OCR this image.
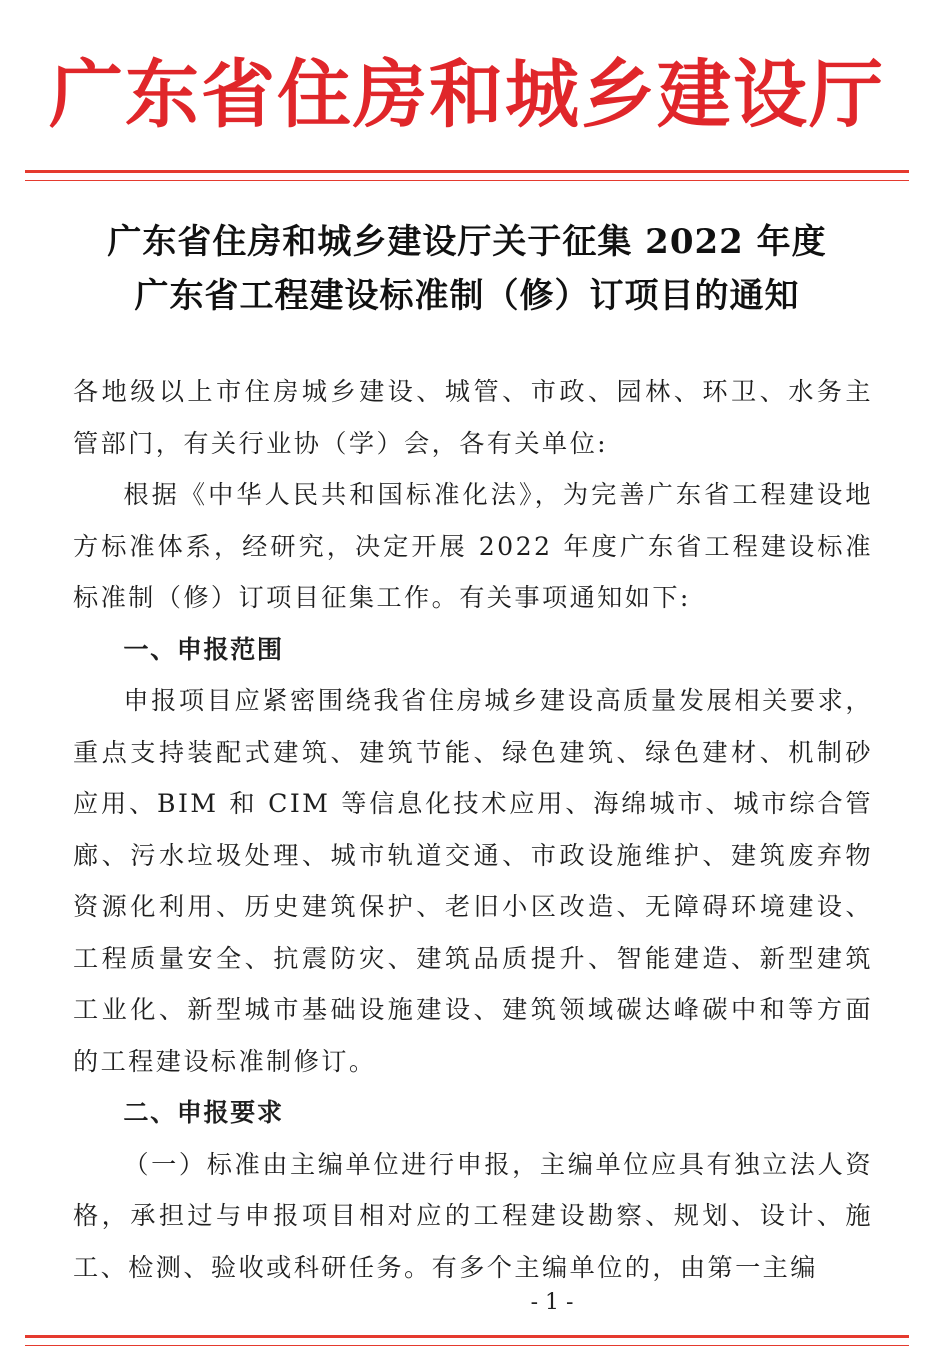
广东省住房和城乡建设厅
广东省住房和城乡建设厅关于征集 2022 年度
广东省工程建设标准制（修）订项目的通知

各地级以上市住房城乡建设、城管、市政、园林、环卫、水务主管部门，有关行业协（学）会，各有关单位:

根据《中华人民共和国标准化法》，为完善广东省工程建设地方标准体系，经研究，决定开展 2022 年度广东省工程建设标准标准制（修）订项目征集工作。有关事项通知如下:

一、申报范围

申报项目应紧密围绕我省住房城乡建设高质量发展相关要求，重点支持装配式建筑、建筑节能、绿色建筑、绿色建材、机制砂应用、BIM 和 CIM 等信息化技术应用、海绵城市、城市综合管廊、污水垃圾处理、城市轨道交通、市政设施维护、建筑废弃物资源化利用、历史建筑保护、老旧小区改造、无障碍环境建设、工程质量安全、抗震防灾、建筑品质提升、智能建造、新型建筑工业化、新型城市基础设施建设、建筑领域碳达峰碳中和等方面的工程建设标准制修订。

二、申报要求

（一）标准由主编单位进行申报，主编单位应具有独立法人资格，承担过与申报项目相对应的工程建设勘察、规划、设计、施工、检测、验收或科研任务。有多个主编单位的，由第一主编

- 1 -
